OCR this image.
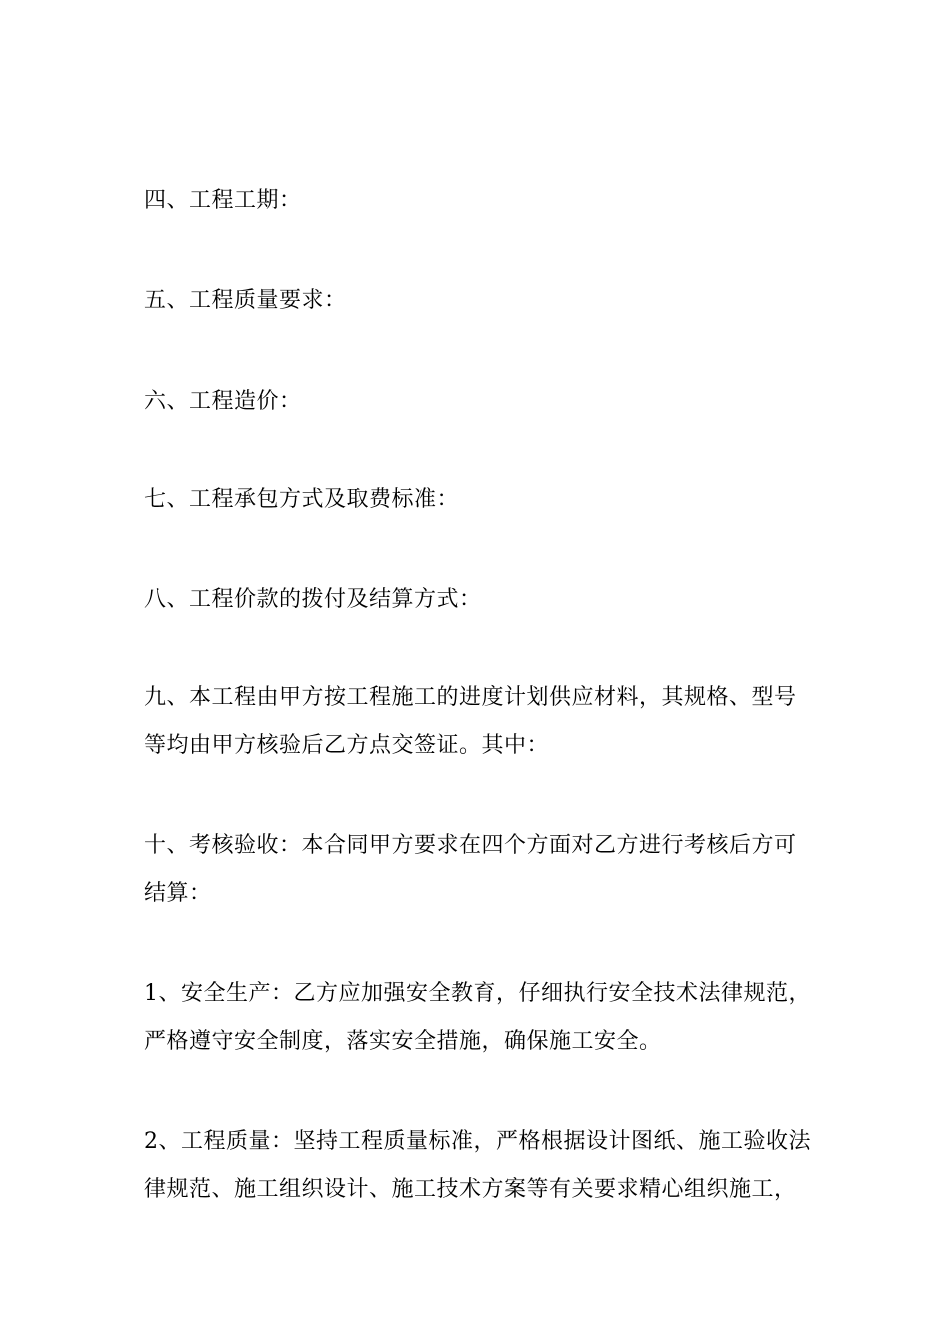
四、工程工期：

五、工程质量要求：

六、工程造价：

七、工程承包方式及取费标准：

八、工程价款的拨付及结算方式：

九、本工程由甲方按工程施工的进度计划供应材料，其规格、型号
等均由甲方核验后乙方点交签证。其中：

十、考核验收：本合同甲方要求在四个方面对乙方进行考核后方可
结算：

1、安全生产：乙方应加强安全教育，仔细执行安全技术法律规范，
严格遵守安全制度，落实安全措施，确保施工安全。

2、工程质量：坚持工程质量标准，严格根据设计图纸、施工验收法
律规范、施工组织设计、施工技术方案等有关要求精心组织施工，
